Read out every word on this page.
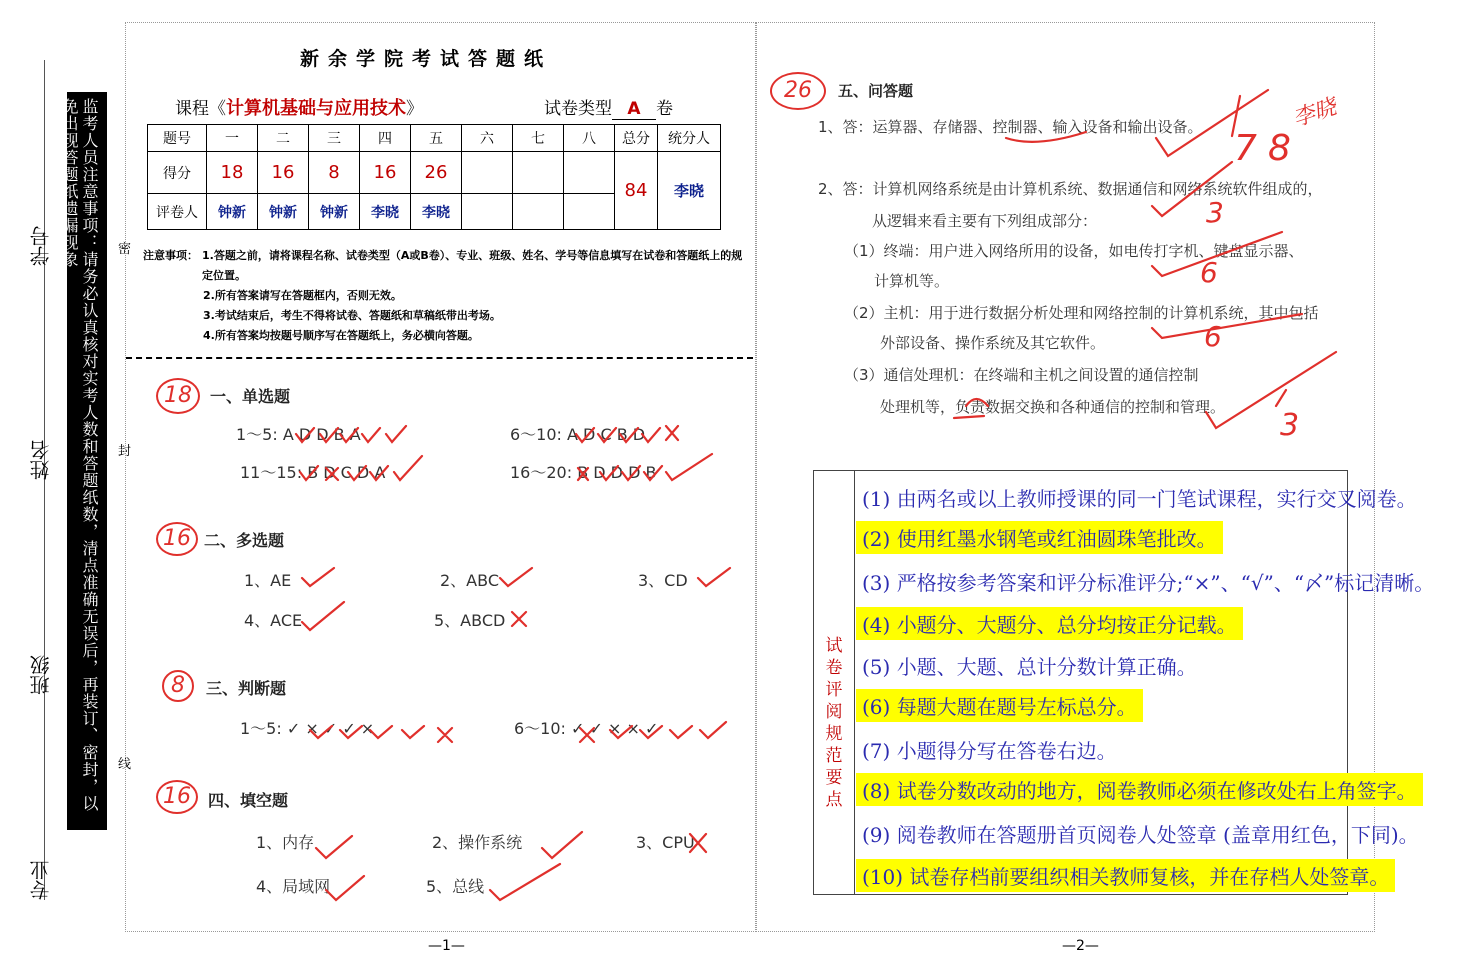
学号
姓名
班级
专业
监考人员注意事项：请务必认真核对实考人数和答题纸数，清点准确无误后，再装订、密封，以免出现答题纸遗漏现象	密
封
线
新余学院考试答题纸
课程《计算机基础与应用技术》	试卷类型 A 卷
题号	一	二	三	四	五	六	七	八	总分	统分人
得分	18	16	8	16	26				84	李晓
评卷人	钟新	钟新	钟新	李晓	李晓					
注意事项： 1.答题之前，请将课程名称、试卷类型（A或B卷）、专业、班级、姓名、学号等信息填写在试卷和答题纸上的规定位置。
2.所有答案请写在答题框内，否则无效。
3.考试结束后，考生不得将试卷、答题纸和草稿纸带出考场。
4.所有答案均按题号顺序写在答题纸上，务必横向答题。
18	一、单选题
1～5: A D D B A	6～10: A D C B D
11～15: B D C D A	16～20: B D D D B
16 二、多选题
1、AE	2、ABC	3、CD
4、ACE	5、ABCD
8	三、判断题
1～5: ✓ × ✓ ✓ ×	6～10: ✓ ✓ × × ✓
16	四、填空题
1、内存	2、操作系统	3、CPU
4、局域网	5、总线
26	五、问答题
1、答：运算器、存储器、控制器、输入设备和输出设备。
2、答：计算机网络系统是由计算机系统、数据通信和网络系统软件组成的，
从逻辑来看主要有下列组成部分：
（1）终端：用户进入网络所用的设备，如电传打字机、键盘显示器、
计算机等。
（2）主机：用于进行数据分析处理和网络控制的计算机系统，其中包括
外部设备、操作系统及其它软件。
（3）通信处理机：在终端和主机之间设置的通信控制
处理机等，负责数据交换和各种通信的控制和管理。
7 8
李晓
3
6
6
3
试卷评阅规范要点
(1) 由两名或以上教师授课的同一门笔试课程，实行交叉阅卷。
(2) 使用红墨水钢笔或红油圆珠笔批改。
(3) 严格按参考答案和评分标准评分;“×”、“√”、“〆”标记清晰。
(4) 小题分、大题分、总分均按正分记载。
(5) 小题、大题、总计分数计算正确。
(6) 每题大题在题号左标总分。
(7) 小题得分写在答卷右边。
(8) 试卷分数改动的地方，阅卷教师必须在修改处右上角签字。
(9) 阅卷教师在答题册首页阅卷人处签章 (盖章用红色，下同)。
(10) 试卷存档前要组织相关教师复核，并在存档人处签章。
—1—	—2—
